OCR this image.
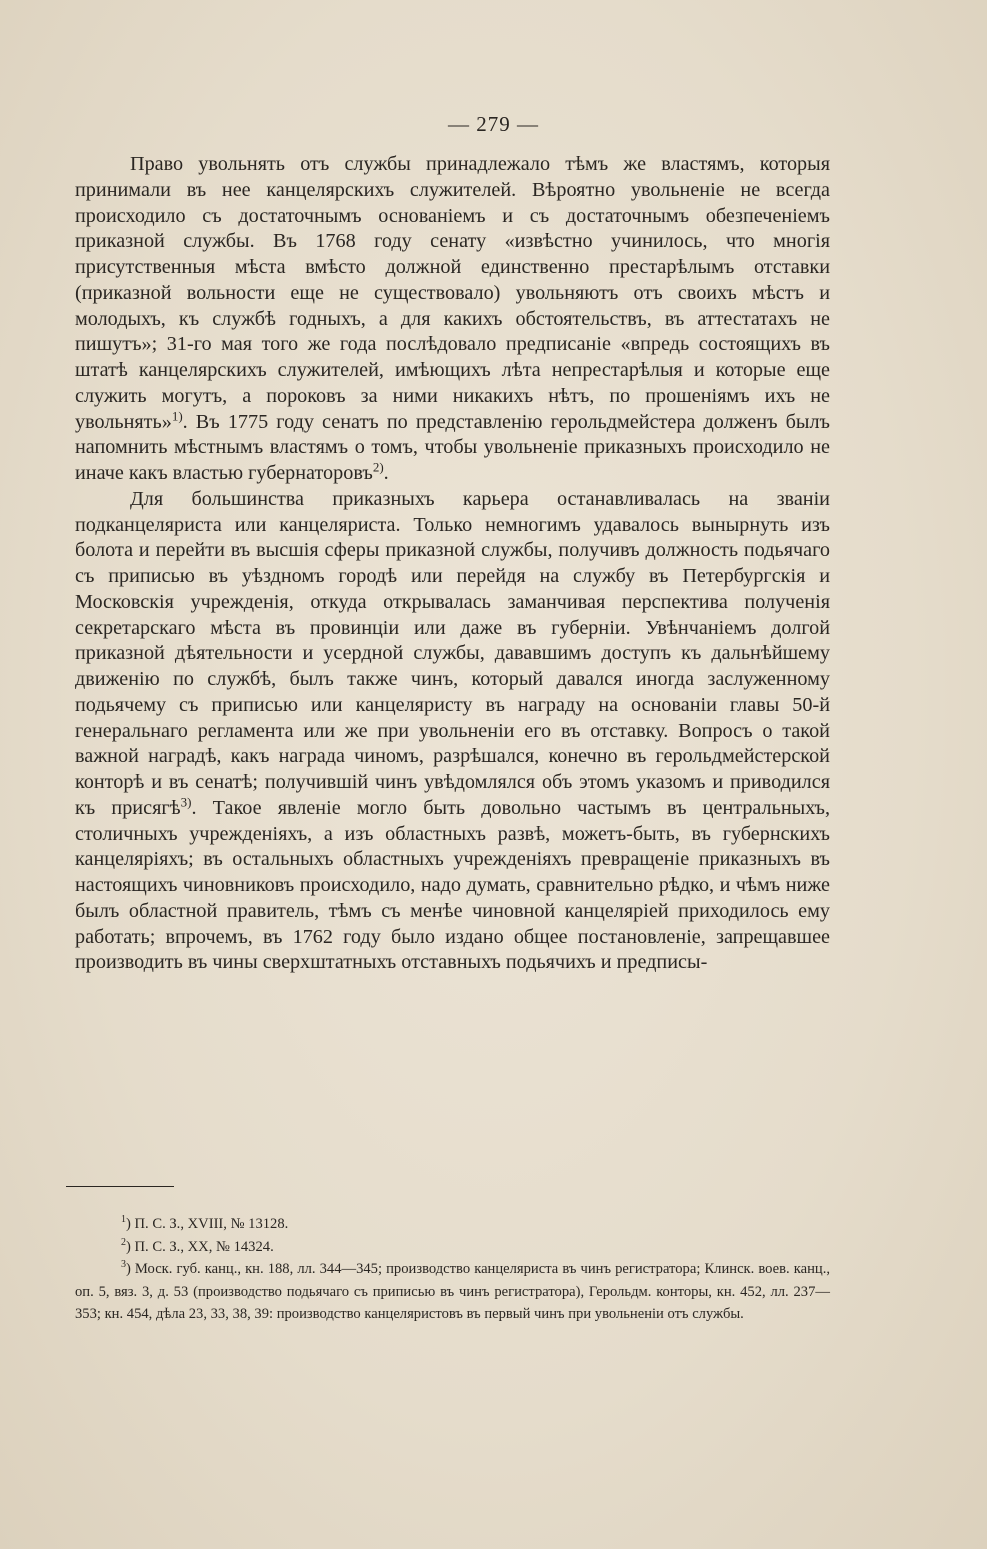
— 279 —

Право увольнять отъ службы принадлежало тѣмъ же властямъ, которыя принимали въ нее канцелярскихъ служителей. Вѣроятно увольненіе не всегда происходило съ достаточнымъ основаніемъ и съ достаточнымъ обезпеченіемъ приказной службы. Въ 1768 году сенату «извѣстно учинилось, что многія присутственныя мѣста вмѣсто должной единственно престарѣлымъ отставки (приказной вольности еще не существовало) увольняютъ отъ своихъ мѣстъ и молодыхъ, къ службѣ годныхъ, а для какихъ обстоятельствъ, въ аттестатахъ не пишутъ»; 31-го мая того же года послѣдовало предписаніе «впредь состоящихъ въ штатѣ канцелярскихъ служителей, имѣющихъ лѣта непрестарѣлыя и которые еще служить могутъ, а пороковъ за ними никакихъ нѣтъ, по прошеніямъ ихъ не увольнять»$^{1)}$. Въ 1775 году сенатъ по представленію герольдмейстера долженъ былъ напомнить мѣстнымъ властямъ о томъ, чтобы увольненіе приказныхъ происходило не иначе какъ властью губернаторовъ$^{2)}$.

Для большинства приказныхъ карьера останавливалась на званіи подканцеляриста или канцеляриста. Только немногимъ удавалось вынырнуть изъ болота и перейти въ высшія сферы приказной службы, получивъ должность подьячаго съ приписью въ уѣздномъ городѣ или перейдя на службу въ Петербургскія и Московскія учрежденія, откуда открывалась заманчивая перспектива полученія секретарскаго мѣста въ провинціи или даже въ губерніи. Увѣнчаніемъ долгой приказной дѣятельности и усердной службы, дававшимъ доступъ къ дальнѣйшему движенію по службѣ, былъ также чинъ, который давался иногда заслуженному подьячему съ приписью или канцеляристу въ награду на основаніи главы 50-й генеральнаго регламента или же при увольненіи его въ отставку. Вопросъ о такой важной наградѣ, какъ награда чиномъ, разрѣшался, конечно въ герольдмейстерской конторѣ и въ сенатѣ; получившій чинъ увѣдомлялся объ этомъ указомъ и приводился къ присягѣ$^{3)}$. Такое явленіе могло быть довольно частымъ въ центральныхъ, столичныхъ учрежденіяхъ, а изъ областныхъ развѣ, можетъ-быть, въ губернскихъ канцеляріяхъ; въ остальныхъ областныхъ учрежденіяхъ превращеніе приказныхъ въ настоящихъ чиновниковъ происходило, надо думать, сравнительно рѣдко, и чѣмъ ниже былъ областной правитель, тѣмъ съ менѣе чиновной канцеляріей приходилось ему работать; впрочемъ, въ 1762 году было издано общее постановленіе, запрещавшее производить въ чины сверхштатныхъ отставныхъ подьячихъ и предписы-

$^1$) П. С. З., XVIII, № 13128.

$^2$) П. С. З., XX, № 14324.

$^3$) Моск. губ. канц., кн. 188, лл. 344—345; производство канцеляриста въ чинъ регистратора; Клинск. воев. канц., оп. 5, вяз. 3, д. 53 (производство подьячаго съ приписью въ чинъ регистратора), Герольдм. конторы, кн. 452, лл. 237—353; кн. 454, дѣла 23, 33, 38, 39: производство канцеляристовъ въ первый чинъ при увольненіи отъ службы.
